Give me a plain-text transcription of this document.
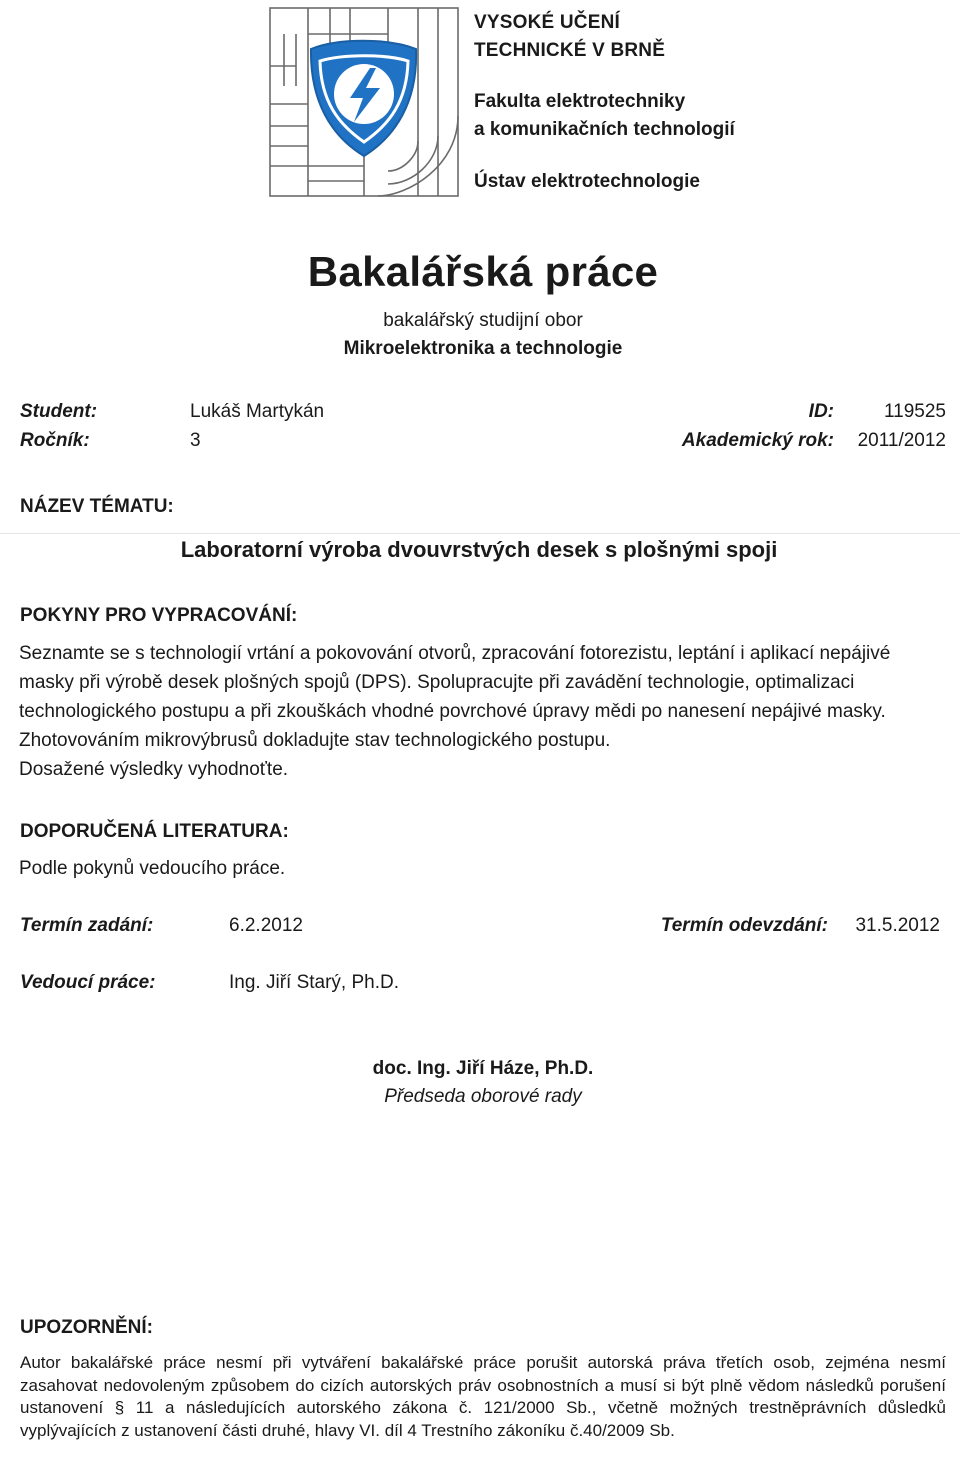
VYSOKÉ UČENÍ
TECHNICKÉ V BRNĚ
Fakulta elektrotechniky
a komunikačních technologií
Ústav elektrotechnologie
Bakalářská práce
bakalářský studijní obor
Mikroelektronika a technologie
Student:	Lukáš Martykán	ID:	119525
Ročník:	3	Akademický rok:	2011/2012
NÁZEV TÉMATU:
Laboratorní výroba dvouvrstvých desek s plošnými spoji
POKYNY PRO VYPRACOVÁNÍ:
Seznamte se s technologií vrtání a pokovování otvorů, zpracování fotorezistu, leptání i aplikací nepájivé
masky při výrobě desek plošných spojů (DPS). Spolupracujte při zavádění technologie, optimalizaci
technologického postupu a při zkouškách vhodné povrchové úpravy mědi po nanesení nepájivé masky.
Zhotovováním mikrovýbrusů dokladujte stav technologického postupu.
Dosažené výsledky vyhodnoťte.
DOPORUČENÁ LITERATURA:
Podle pokynů vedoucího práce.
Termín zadání:	6.2.2012	Termín odevzdání:	31.5.2012
Vedoucí práce:	Ing. Jiří Starý, Ph.D.
doc. Ing. Jiří Háze, Ph.D.
Předseda oborové rady
UPOZORNĚNÍ:
Autor bakalářské práce nesmí při vytváření bakalářské práce porušit autorská práva třetích osob, zejména nesmí zasahovat nedovoleným způsobem do cizích autorských práv osobnostních a musí si být plně vědom následků porušení ustanovení § 11 a následujících autorského zákona č. 121/2000 Sb., včetně možných trestněprávních důsledků vyplývajících z ustanovení části druhé, hlavy VI. díl 4 Trestního zákoníku č.40/2009 Sb.
